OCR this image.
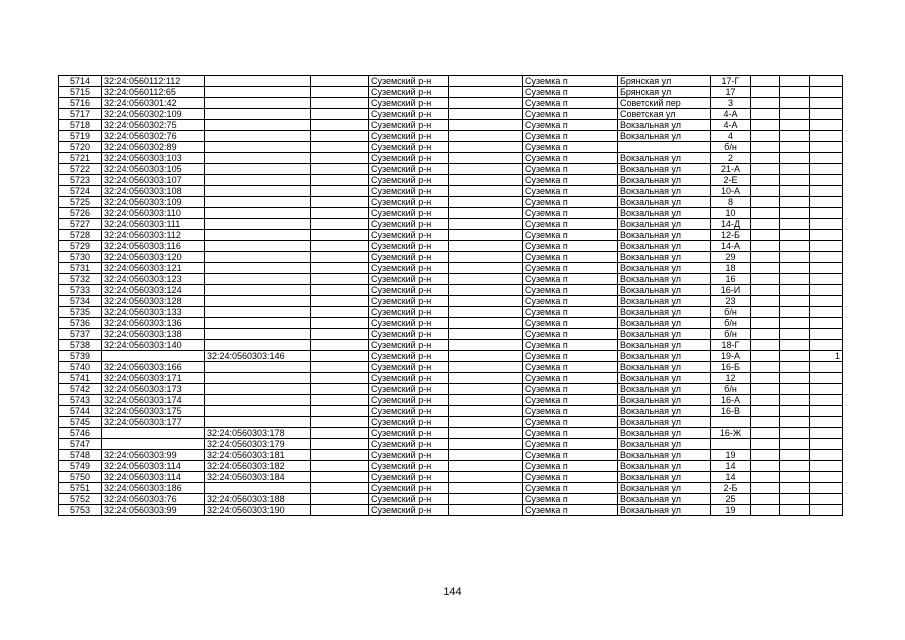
5714	32:24:0560112:112			Суземский р-н		Суземка п	Брянская ул	17-Г			
5715	32:24:0560112:65			Суземский р-н		Суземка п	Брянская ул	17			
5716	32:24:0560301:42			Суземский р-н		Суземка п	Советский пер	3			
5717	32:24:0560302:109			Суземский р-н		Суземка п	Советская ул	4-А			
5718	32:24:0560302:75			Суземский р-н		Суземка п	Вокзальная ул	4-А			
5719	32:24:0560302:76			Суземский р-н		Суземка п	Вокзальная ул	4			
5720	32:24:0560302:89			Суземский р-н		Суземка п		б/н			
5721	32:24:0560303:103			Суземский р-н		Суземка п	Вокзальная ул	2			
5722	32:24:0560303:105			Суземский р-н		Суземка п	Вокзальная ул	21-А			
5723	32:24:0560303:107			Суземский р-н		Суземка п	Вокзальная ул	2-Е			
5724	32:24:0560303:108			Суземский р-н		Суземка п	Вокзальная ул	10-А			
5725	32:24:0560303:109			Суземский р-н		Суземка п	Вокзальная ул	8			
5726	32:24:0560303:110			Суземский р-н		Суземка п	Вокзальная ул	10			
5727	32:24:0560303:111			Суземский р-н		Суземка п	Вокзальная ул	14-Д			
5728	32:24:0560303:112			Суземский р-н		Суземка п	Вокзальная ул	12-Б			
5729	32:24:0560303:116			Суземский р-н		Суземка п	Вокзальная ул	14-А			
5730	32:24:0560303:120			Суземский р-н		Суземка п	Вокзальная ул	29			
5731	32:24:0560303:121			Суземский р-н		Суземка п	Вокзальная ул	18			
5732	32:24:0560303:123			Суземский р-н		Суземка п	Вокзальная ул	16			
5733	32:24:0560303:124			Суземский р-н		Суземка п	Вокзальная ул	16-И			
5734	32:24:0560303:128			Суземский р-н		Суземка п	Вокзальная ул	23			
5735	32:24:0560303:133			Суземский р-н		Суземка п	Вокзальная ул	б/н			
5736	32:24:0560303:136			Суземский р-н		Суземка п	Вокзальная ул	б/н			
5737	32:24:0560303:138			Суземский р-н		Суземка п	Вокзальная ул	б/н			
5738	32:24:0560303:140			Суземский р-н		Суземка п	Вокзальная ул	18-Г			
5739		32:24:0560303:146		Суземский р-н		Суземка п	Вокзальная ул	19-А			1
5740	32:24:0560303:166			Суземский р-н		Суземка п	Вокзальная ул	16-Б			
5741	32:24:0560303:171			Суземский р-н		Суземка п	Вокзальная ул	12			
5742	32:24:0560303:173			Суземский р-н		Суземка п	Вокзальная ул	б/н			
5743	32:24:0560303:174			Суземский р-н		Суземка п	Вокзальная ул	16-А			
5744	32:24:0560303:175			Суземский р-н		Суземка п	Вокзальная ул	16-В			
5745	32:24:0560303:177			Суземский р-н		Суземка п	Вокзальная ул				
5746		32:24:0560303:178		Суземский р-н		Суземка п	Вокзальная ул	16-Ж			
5747		32:24:0560303:179		Суземский р-н		Суземка п	Вокзальная ул				
5748	32:24:0560303:99	32:24:0560303:181		Суземский р-н		Суземка п	Вокзальная ул	19			
5749	32:24:0560303:114	32:24:0560303:182		Суземский р-н		Суземка п	Вокзальная ул	14			
5750	32:24:0560303:114	32:24:0560303:184		Суземский р-н		Суземка п	Вокзальная ул	14			
5751	32:24:0560303:186			Суземский р-н		Суземка п	Вокзальная ул	2-Б			
5752	32:24:0560303:76	32:24:0560303:188		Суземский р-н		Суземка п	Вокзальная ул	25			
5753	32:24:0560303:99	32:24:0560303:190		Суземский р-н		Суземка п	Вокзальная ул	19			
144
